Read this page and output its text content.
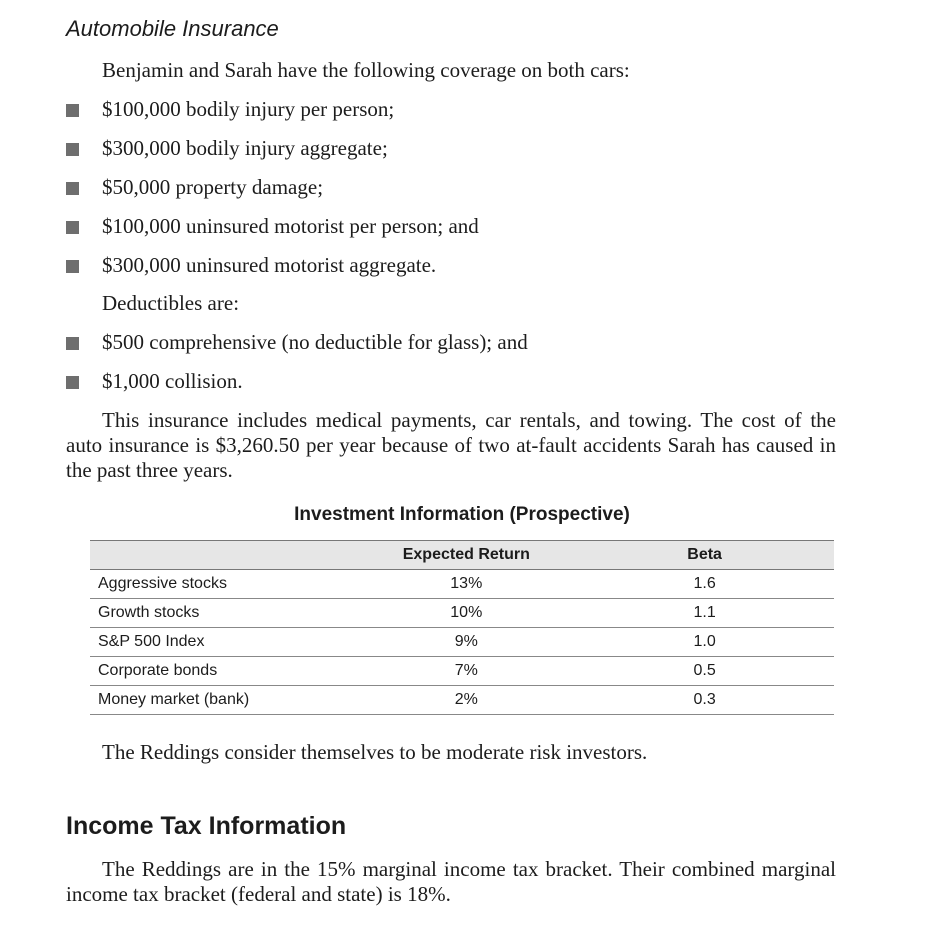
Automobile Insurance
Benjamin and Sarah have the following coverage on both cars:
$100,000 bodily injury per person;
$300,000 bodily injury aggregate;
$50,000 property damage;
$100,000 uninsured motorist per person; and
$300,000 uninsured motorist aggregate.
Deductibles are:
$500 comprehensive (no deductible for glass); and
$1,000 collision.

This insurance includes medical payments, car rentals, and towing. The cost of the auto insurance is $3,260.50 per year because of two at-fault accidents Sarah has caused in the past three years.

Investment Information (Prospective)
	Expected Return	Beta
Aggressive stocks	13%	1.6
Growth stocks	10%	1.1
S&P 500 Index	9%	1.0
Corporate bonds	7%	0.5
Money market (bank)	2%	0.3
The Reddings consider themselves to be moderate risk investors.
Income Tax Information

The Reddings are in the 15% marginal income tax bracket. Their combined marginal income tax bracket (federal and state) is 18%.
